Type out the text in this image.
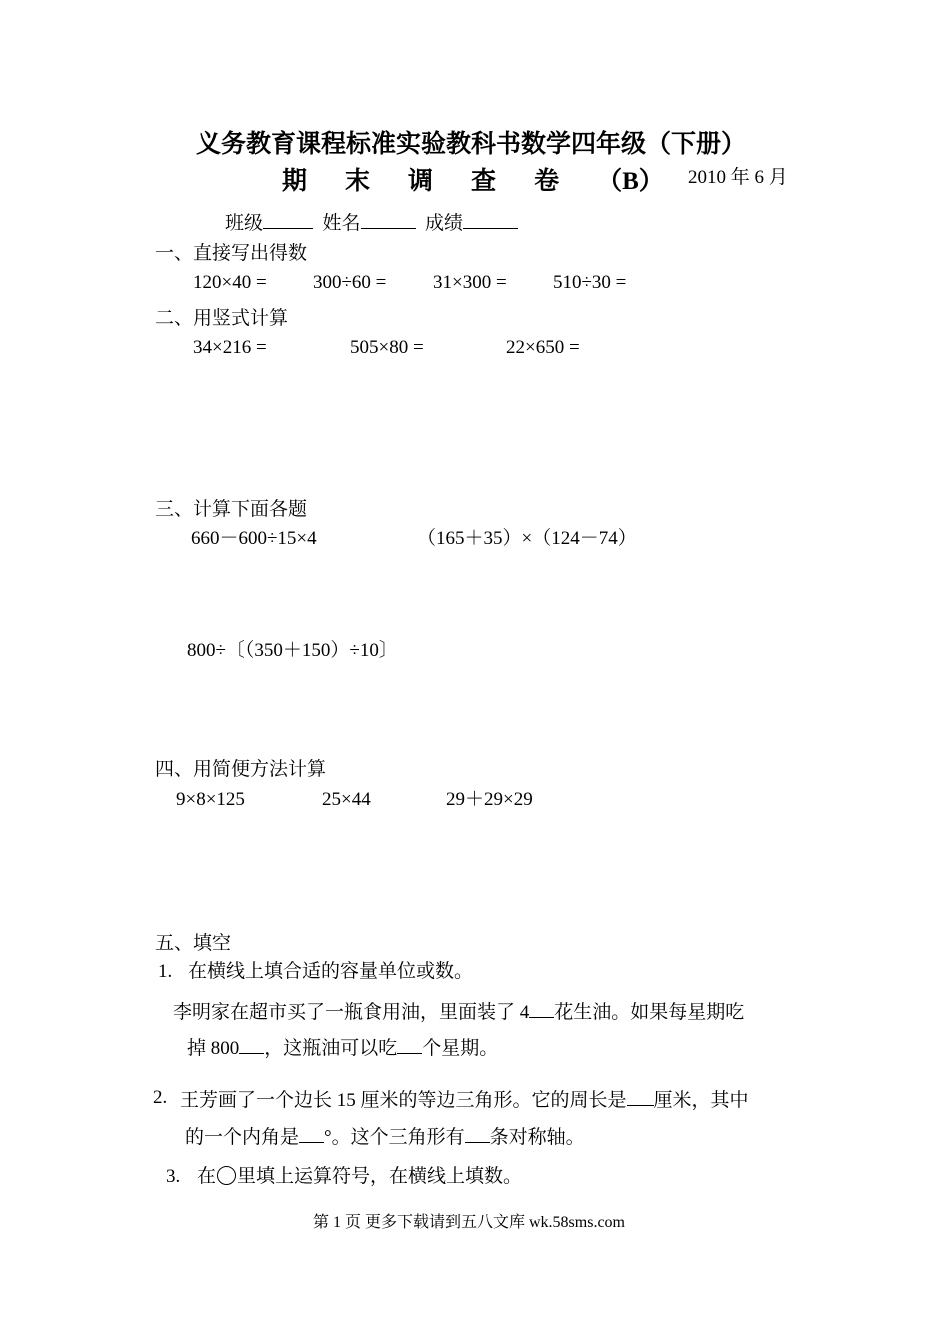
义务教育课程标准实验教科书数学四年级（下册）
期 末 调 查 卷 （B） 2010 年 6 月
班级	姓名	成绩
一、直接写出得数
120×40 = 300÷60 = 31×300 = 510÷30 =
二、用竖式计算
34×216 =	505×80 =	22×650 =
三、计算下面各题
660－600÷15×4	（165＋35）×（124－74）
800÷〔（350＋150）÷10〕
四、用简便方法计算
9×8×125	25×44	29＋29×29
五、填空
1. 在横线上填合适的容量单位或数。
李明家在超市买了一瓶食用油，里面装了 4 花生油。如果每星期吃
掉 800 ，这瓶油可以吃 个星期。
2. 王芳画了一个边长 15 厘米的等边三角形。它的周长是 厘米，其中
的一个内角是 °。这个三角形有 条对称轴。
3. 在 里填上运算符号，在横线上填数。
第 1 页 更多下载请到五八文库 wk.58sms.com
